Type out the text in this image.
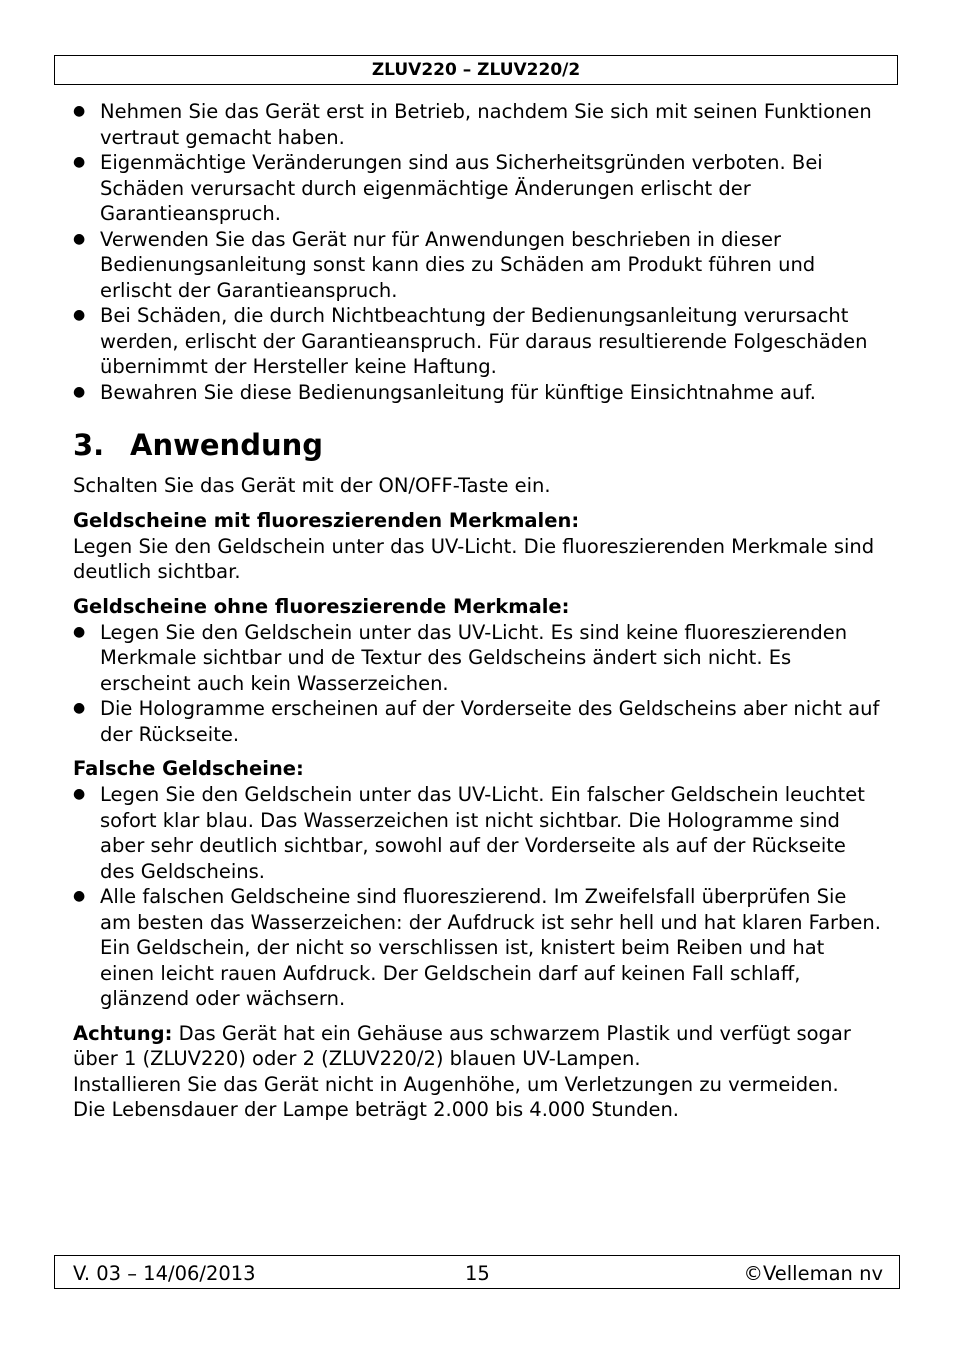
ZLUV220 – ZLUV220/2
● Nehmen Sie das Gerät erst in Betrieb, nachdem Sie sich mit seinen Funktionen vertraut gemacht haben.
● Eigenmächtige Veränderungen sind aus Sicherheitsgründen verboten. Bei Schäden verursacht durch eigenmächtige Änderungen erlischt der Garantieanspruch.
● Verwenden Sie das Gerät nur für Anwendungen beschrieben in dieser Bedienungsanleitung sonst kann dies zu Schäden am Produkt führen und erlischt der Garantieanspruch.
● Bei Schäden, die durch Nichtbeachtung der Bedienungsanleitung verursacht werden, erlischt der Garantieanspruch. Für daraus resultierende Folgeschäden übernimmt der Hersteller keine Haftung.
● Bewahren Sie diese Bedienungsanleitung für künftige Einsichtnahme auf.
3. Anwendung

Schalten Sie das Gerät mit der ON/OFF-Taste ein.

Geldscheine mit fluoreszierenden Merkmalen:

Legen Sie den Geldschein unter das UV-Licht. Die fluoreszierenden Merkmale sind deutlich sichtbar.

Geldscheine ohne fluoreszierende Merkmale:

● Legen Sie den Geldschein unter das UV-Licht. Es sind keine fluoreszierenden Merkmale sichtbar und de Textur des Geldscheins ändert sich nicht. Es erscheint auch kein Wasserzeichen.
● Die Hologramme erscheinen auf der Vorderseite des Geldscheins aber nicht auf der Rückseite.

Falsche Geldscheine:

● Legen Sie den Geldschein unter das UV-Licht. Ein falscher Geldschein leuchtet sofort klar blau. Das Wasserzeichen ist nicht sichtbar. Die Hologramme sind aber sehr deutlich sichtbar, sowohl auf der Vorderseite als auf der Rückseite des Geldscheins.
● Alle falschen Geldscheine sind fluoreszierend. Im Zweifelsfall überprüfen Sie am besten das Wasserzeichen: der Aufdruck ist sehr hell und hat klaren Farben. Ein Geldschein, der nicht so verschlissen ist, knistert beim Reiben und hat einen leicht rauen Aufdruck. Der Geldschein darf auf keinen Fall schlaff, glänzend oder wächsern.

Achtung: Das Gerät hat ein Gehäuse aus schwarzem Plastik und verfügt sogar über 1 (ZLUV220) oder 2 (ZLUV220/2) blauen UV-Lampen.

Installieren Sie das Gerät nicht in Augenhöhe, um Verletzungen zu vermeiden.

Die Lebensdauer der Lampe beträgt 2.000 bis 4.000 Stunden.

V. 03 – 14/06/2013	15	©Velleman nv
